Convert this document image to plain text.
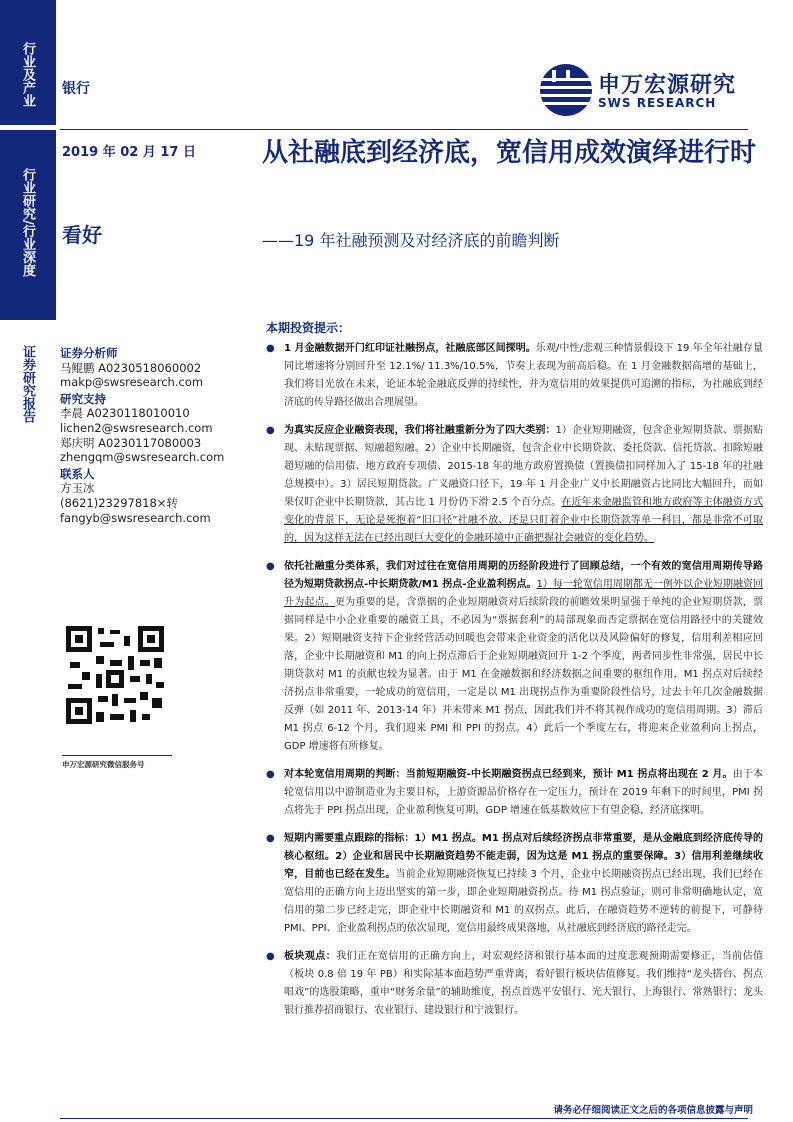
行业及产业
行业研究/行业深度
证券研究报告
银行	申万宏源研究
SWS RESEARCH
2019 年 02 月 17 日
看好
从社融底到经济底，宽信用成效演绎进行时
——19 年社融预测及对经济底的前瞻判断
证券分析师
马鲲鹏 A0230518060002
makp@swsresearch.com
研究支持
李晨 A0230118010010
lichen2@swsresearch.com
郑庆明 A0230117080003
zhengqm@swsresearch.com
联系人
方玉冰
(8621)23297818×转
fangyb@swsresearch.com
申万宏源研究微信服务号
本期投资提示：
● 1 月金融数据开门红印证社融拐点，社融底部区间探明。乐观/中性/悲观三种情景假设下 19 年全年社融存量同比增速将分别回升至 12.1%/ 11.3%/10.5%，节奏上表现为前高后稳。在 1 月金融数据高增的基础上，我们将目光放在未来，论证本轮金融底反弹的持续性，并为宽信用的效果提供可追溯的指标，为社融底到经济底的传导路径做出合理展望。
● 为真实反应企业融资表现，我们将社融重新分为了四大类别：1）企业短期融资，包含企业短期贷款、票据贴现、未贴现票据、短融超短融。2）企业中长期融资，包含企业中长期贷款、委托贷款、信托贷款、扣除短融超短融的信用债、地方政府专项债、2015-18 年的地方政府置换债（置换债扣同样加入了 15-18 年的社融总规模中）。3）居民短期贷款。广义融资口径下，19 年 1 月企业广义中长期融资占比同比大幅回升，而如果仅盯企业中长期贷款，其占比 1 月份仍下滑 2.5 个百分点。在近年来金融监管和地方政府等主体融资方式变化的背景下，无论是死抱着“旧口径”社融不放、还是只盯着企业中长期贷款等单一科目，都是非常不可取的，因为这样无法在已经出现巨大变化的金融环境中正确把握社会融资的变化趋势。
● 依托社融重分类体系，我们对过往在宽信用周期的历经阶段进行了回顾总结，一个有效的宽信用周期传导路径为短期贷款拐点-中长期贷款/M1 拐点-企业盈利拐点。1）每一轮宽信用周期都无一例外以企业短期融资回升为起点。更为重要的是，含票据的企业短期融资对后续阶段的前瞻效果明显强于单纯的企业短期贷款，票据同样是中小企业重要的融资工具，不必因为“票据套利”的局部现象而否定票据在宽信用路径中的关键效果。2）短期融资支持下企业经营活动回暖也会带来企业资金的活化以及风险偏好的修复，信用利差相应回落，企业中长期融资和 M1 的向上拐点滞后于企业短期融资回升 1-2 个季度，两者同步性非常强，居民中长期贷款对 M1 的贡献也较为显著。由于 M1 在金融数据和经济数据之间重要的枢纽作用，M1 拐点对后续经济拐点非常重要，一轮成功的宽信用，一定是以 M1 出现拐点作为重要阶段性信号，过去十年几次金融数据反弹（如 2011 年、2013-14 年）并未带来 M1 拐点，因此我们并不将其视作成功的宽信用周期。3）滞后 M1 拐点 6-12 个月，我们迎来 PMI 和 PPI 的拐点。4）此后一个季度左右，将迎来企业盈利向上拐点，GDP 增速将有所修复。
● 对本轮宽信用周期的判断：当前短期融资-中长期融资拐点已经到来，预计 M1 拐点将出现在 2 月。由于本轮宽信用以中游制造业为主要目标，上游资源品价格存在一定压力，预计在 2019 年剩下的时间里，PMI 拐点将先于 PPI 拐点出现，企业盈利恢复可期，GDP 增速在低基数效应下有望企稳，经济底探明。
● 短期内需要重点跟踪的指标：1）M1 拐点。M1 拐点对后续经济拐点非常重要，是从金融底到经济底传导的核心枢纽。2）企业和居民中长期融资趋势不能走弱，因为这是 M1 拐点的重要保障。3）信用利差继续收窄，目前也已经在发生。当前企业短期融资恢复已持续 3 个月，企业中长期融资拐点已经出现，我们已经在宽信用的正确方向上迈出坚实的第一步，即企业短期融资拐点。待 M1 拐点验证，则可非常明确地认定，宽信用的第二步已经走完，即企业中长期融资和 M1 的双拐点。此后，在融资趋势不逆转的前提下，可静待 PMI、PPI、企业盈利拐点的依次显现，宽信用最终成果落地，从社融底到经济底的路径走完。
● 板块观点：我们正在宽信用的正确方向上，对宏观经济和银行基本面的过度悲观预期需要修正，当前估值（板块 0.8 倍 19 年 PB）和实际基本面趋势严重背离，看好银行板块估值修复。我们维持“龙头搭台、拐点唱戏”的选股策略，重申“财务余量”的辅助维度，拐点首选平安银行、光大银行、上海银行、常熟银行；龙头银行推荐招商银行、农业银行、建设银行和宁波银行。
请务必仔细阅读正文之后的各项信息披露与声明
